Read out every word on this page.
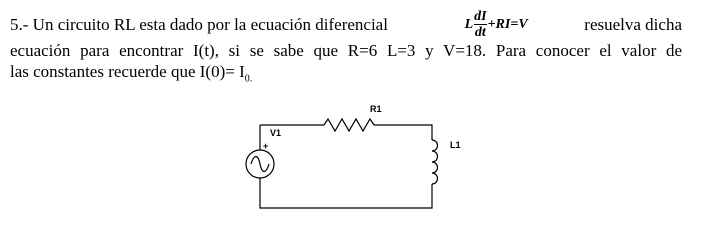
5.- Un circuito RL esta dado por la ecuación diferencial	L $\frac{dI}{dt} +RI=V$	resuelva dicha
ecuación para encontrar I(t), si se sabe que R=6 L=3 y V=18. Para conocer el valor de
las constantes recuerde que $I(0)= I_{0.}$
R1
V1
+	L1
